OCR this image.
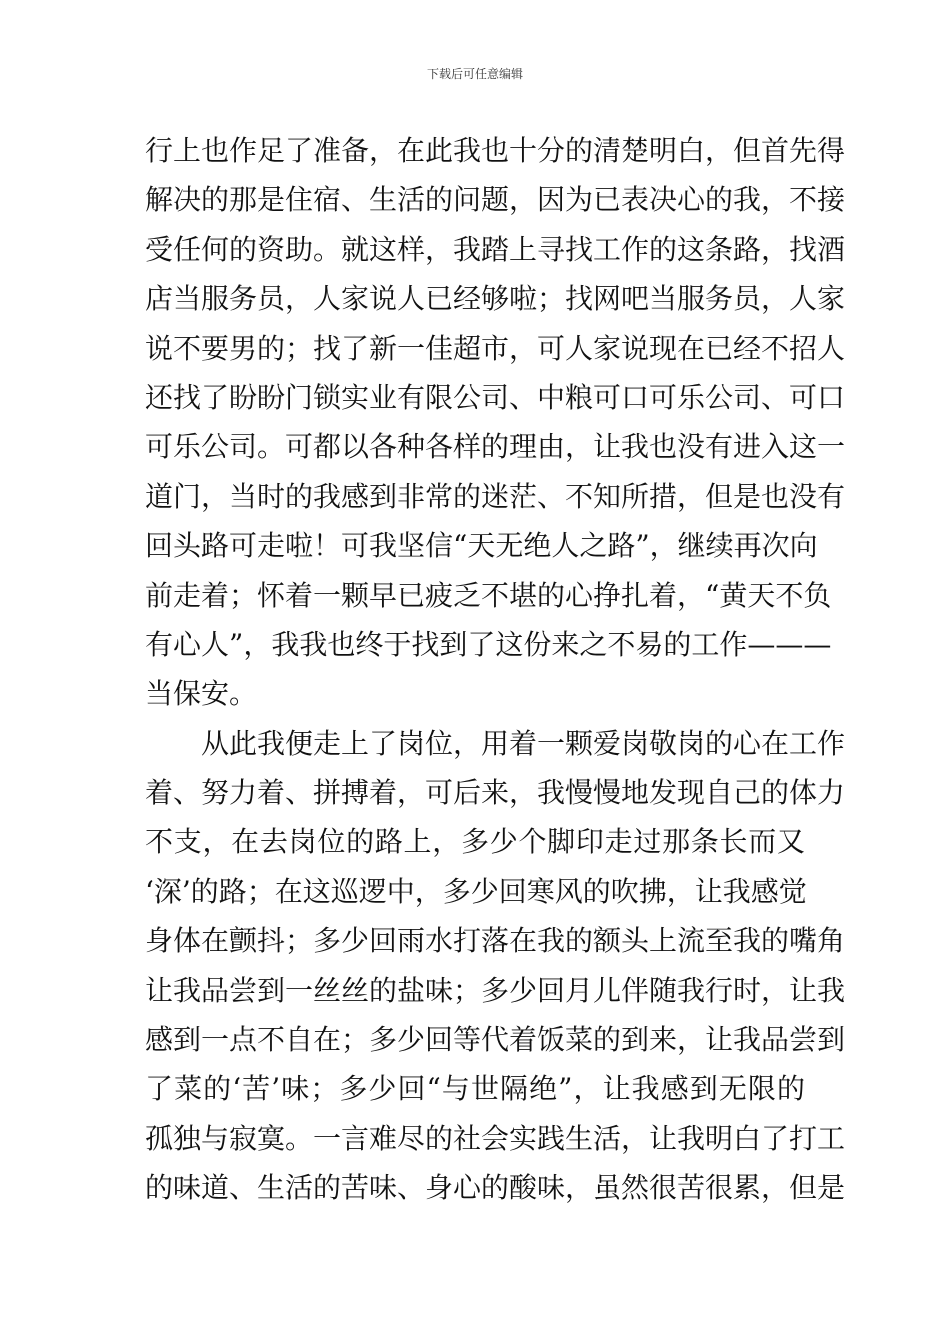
下载后可任意编辑
行上也作足了准备，在此我也十分的清楚明白，但首先得
解决的那是住宿、生活的问题，因为已表决心的我，不接
受任何的资助。就这样，我踏上寻找工作的这条路，找酒
店当服务员，人家说人已经够啦；找网吧当服务员，人家
说不要男的；找了新一佳超市，可人家说现在已经不招人
还找了盼盼门锁实业有限公司、中粮可口可乐公司、可口
可乐公司。可都以各种各样的理由，让我也没有进入这一
道门，当时的我感到非常的迷茫、不知所措，但是也没有
回头路可走啦！可我坚信“天无绝人之路”，继续再次向
前走着；怀着一颗早已疲乏不堪的心挣扎着，“黄天不负
有心人”，我我也终于找到了这份来之不易的工作———
当保安。
从此我便走上了岗位，用着一颗爱岗敬岗的心在工作
着、努力着、拼搏着，可后来，我慢慢地发现自己的体力
不支，在去岗位的路上，多少个脚印走过那条长而又
‘深’的路；在这巡逻中，多少回寒风的吹拂，让我感觉
身体在颤抖；多少回雨水打落在我的额头上流至我的嘴角
让我品尝到一丝丝的盐味；多少回月儿伴随我行时，让我
感到一点不自在；多少回等代着饭菜的到来，让我品尝到
了菜的‘苦’味；多少回“与世隔绝”，让我感到无限的
孤独与寂寞。一言难尽的社会实践生活，让我明白了打工
的味道、生活的苦味、身心的酸味，虽然很苦很累，但是
